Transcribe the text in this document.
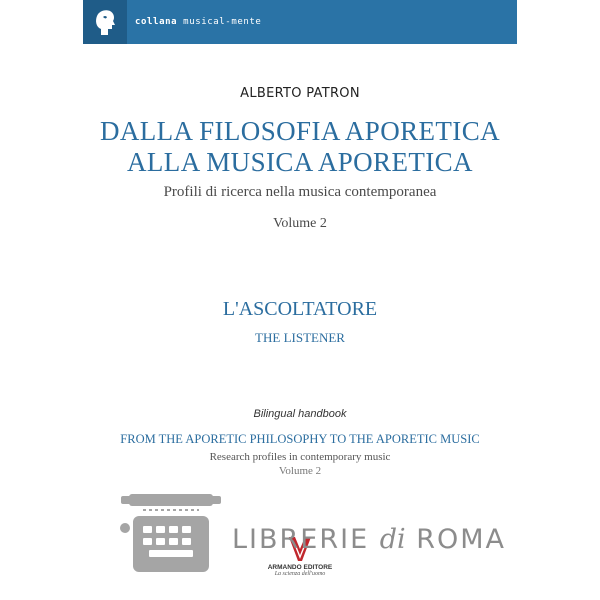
collana musical-mente
ALBERTO PATRON
DALLA FILOSOFIA APORETICA
ALLA MUSICA APORETICA
Profili di ricerca nella musica contemporanea
Volume 2
L'ASCOLTATORE
THE LISTENER
Bilingual handbook
FROM THE APORETIC PHILOSOPHY TO THE APORETIC MUSIC
Research profiles in contemporary music
Volume 2
ARMANDO EDITORE
La scienza dell'uomo
LIBRERIE di ROMA
